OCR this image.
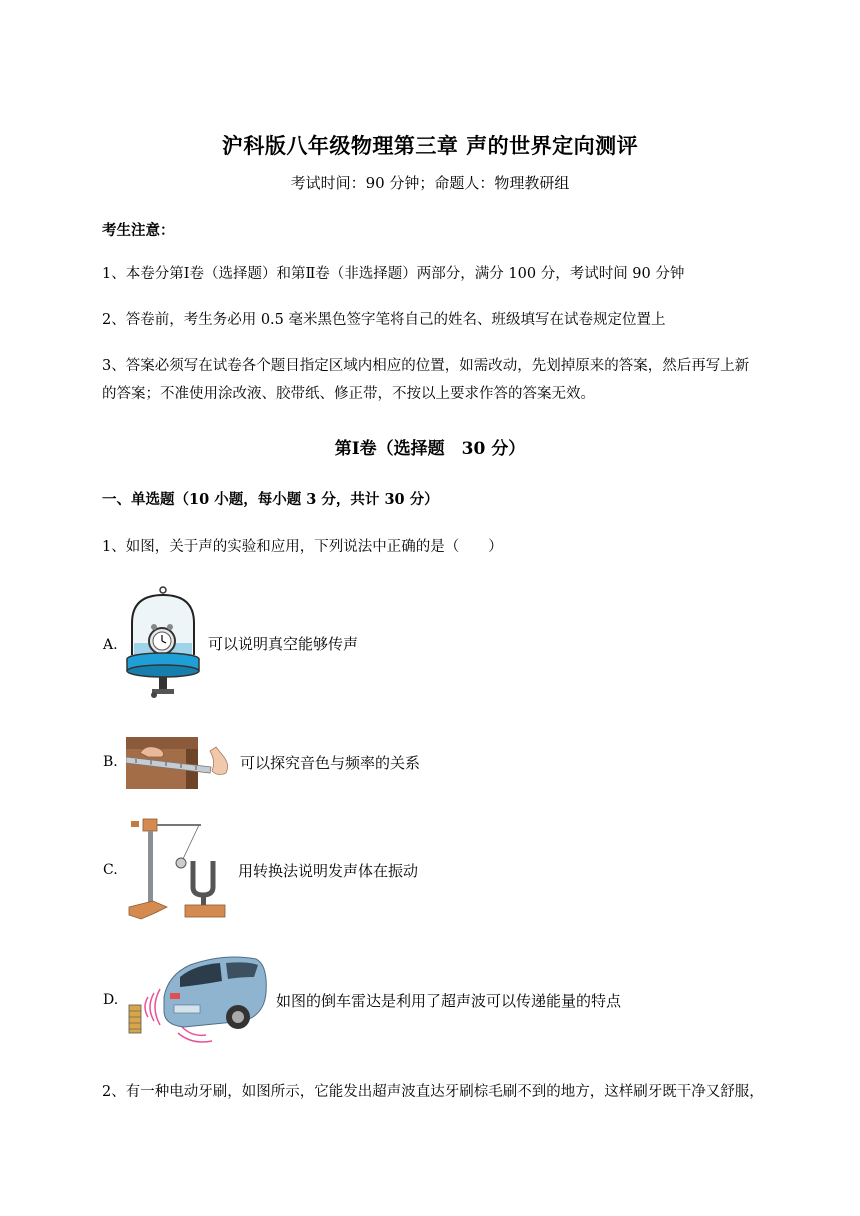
沪科版八年级物理第三章 声的世界定向测评
考试时间：90 分钟；命题人：物理教研组
考生注意：
1、本卷分第Ⅰ卷（选择题）和第Ⅱ卷（非选择题）两部分，满分 100 分，考试时间 90 分钟
2、答卷前，考生务必用 0.5 毫米黑色签字笔将自己的姓名、班级填写在试卷规定位置上
3、答案必须写在试卷各个题目指定区域内相应的位置，如需改动，先划掉原来的答案，然后再写上新
的答案；不准使用涂改液、胶带纸、修正带，不按以上要求作答的答案无效。
第Ⅰ卷（选择题　30 分）
一、单选题（10 小题，每小题 3 分，共计 30 分）
1、如图，关于声的实验和应用，下列说法中正确的是（　　）
A.	可以说明真空能够传声
B.	可以探究音色与频率的关系
C.	用转换法说明发声体在振动
D.	如图的倒车雷达是利用了超声波可以传递能量的特点
2、有一种电动牙刷，如图所示，它能发出超声波直达牙刷棕毛刷不到的地方，这样刷牙既干净又舒服，
